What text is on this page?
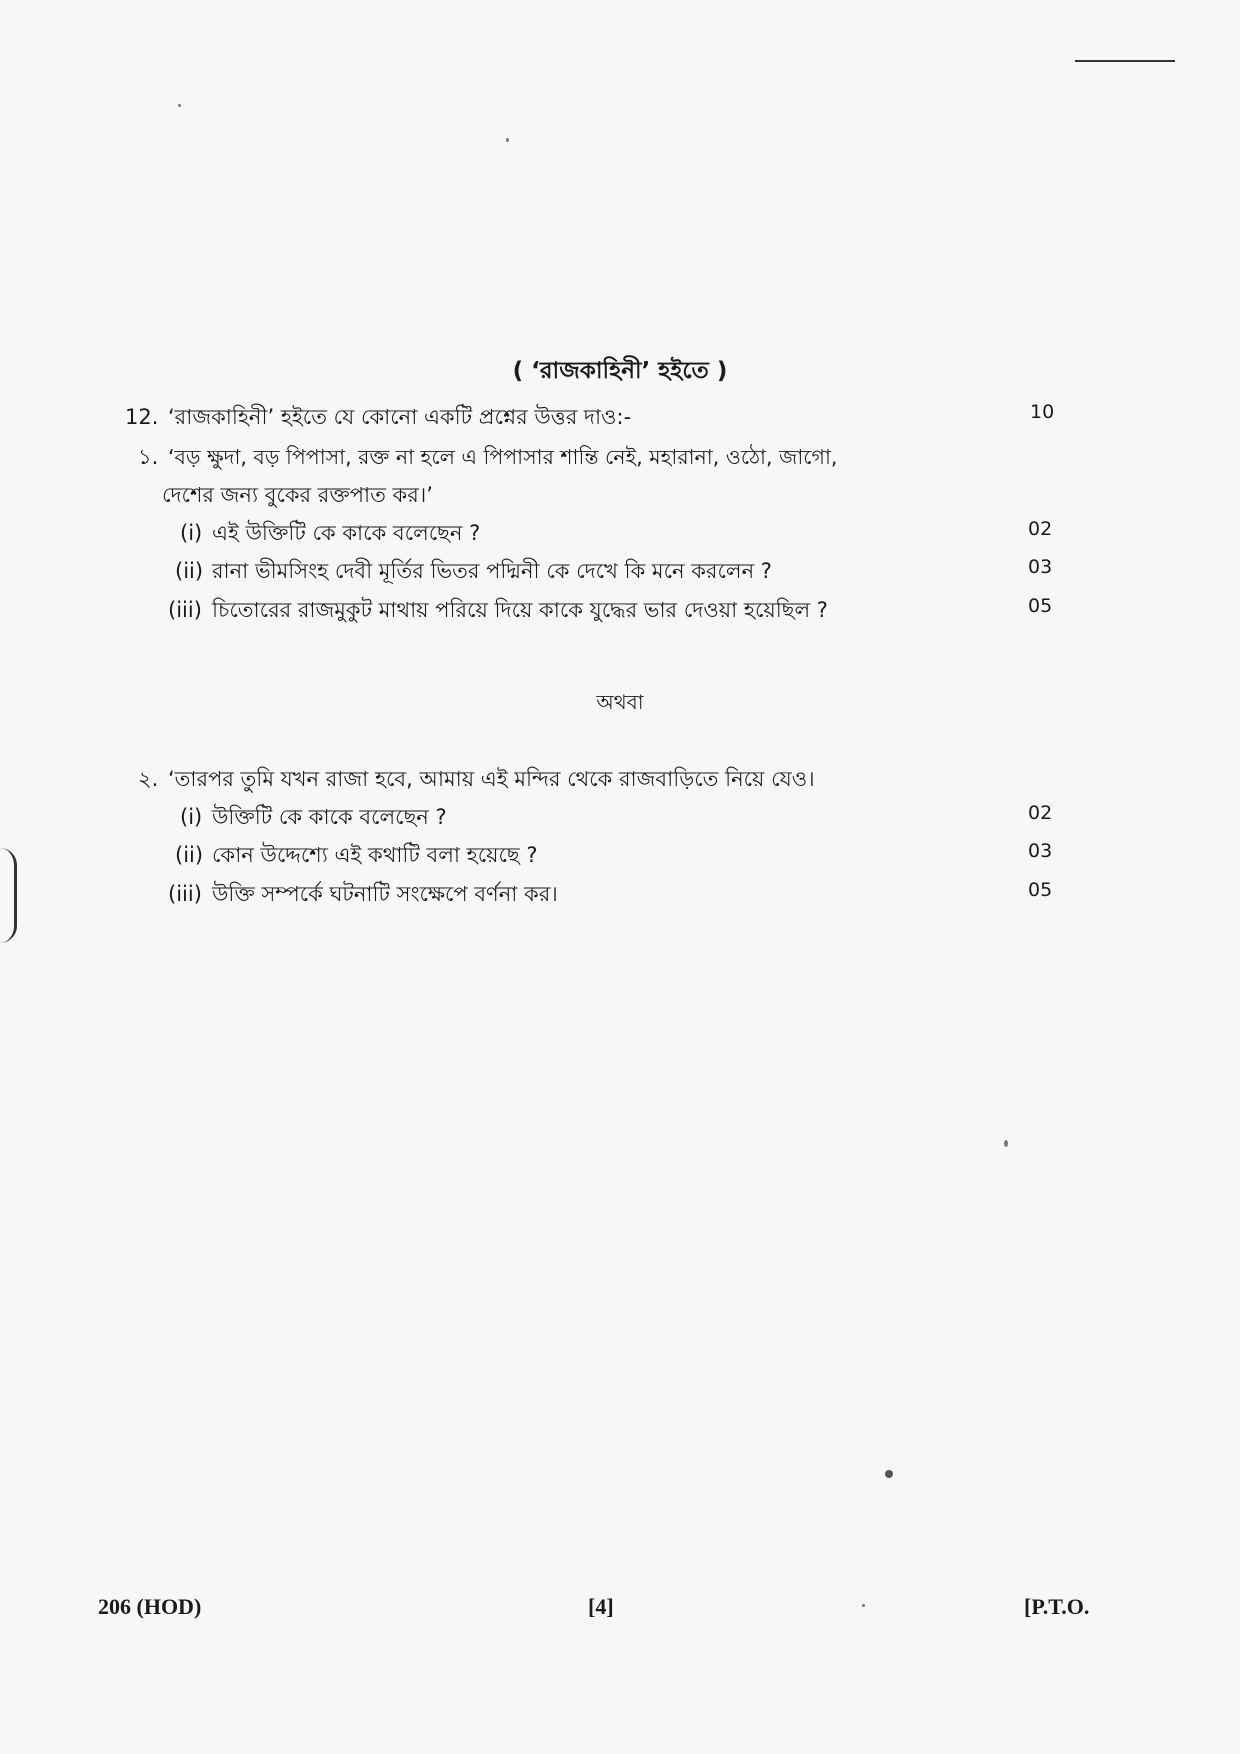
( ‘রাজকাহিনী’ হইতে )
12. ‘রাজকাহিনী’ হইতে যে কোনো একটি প্রশ্নের উত্তর দাও:-	10
১. ‘বড় ক্ষুদা, বড় পিপাসা, রক্ত না হলে এ পিপাসার শান্তি নেই, মহারানা, ওঠো, জাগো,
দেশের জন্য বুকের রক্তপাত কর।’
(i) এই উক্তিটি কে কাকে বলেছেন ?	02
(ii) রানা ভীমসিংহ দেবী মূর্তির ভিতর পদ্মিনী কে দেখে কি মনে করলেন ?	03
(iii) চিতোরের রাজমুকুট মাথায় পরিয়ে দিয়ে কাকে যুদ্ধের ভার দেওয়া হয়েছিল ?	05
অথবা
২. ‘তারপর তুমি যখন রাজা হবে, আমায় এই মন্দির থেকে রাজবাড়িতে নিয়ে যেও।
(i) উক্তিটি কে কাকে বলেছেন ?	02
(ii) কোন উদ্দেশ্যে এই কথাটি বলা হয়েছে ?	03
(iii) উক্তি সম্পর্কে ঘটনাটি সংক্ষেপে বর্ণনা কর।	05
206 (HOD)	[4]	[P.T.O.
